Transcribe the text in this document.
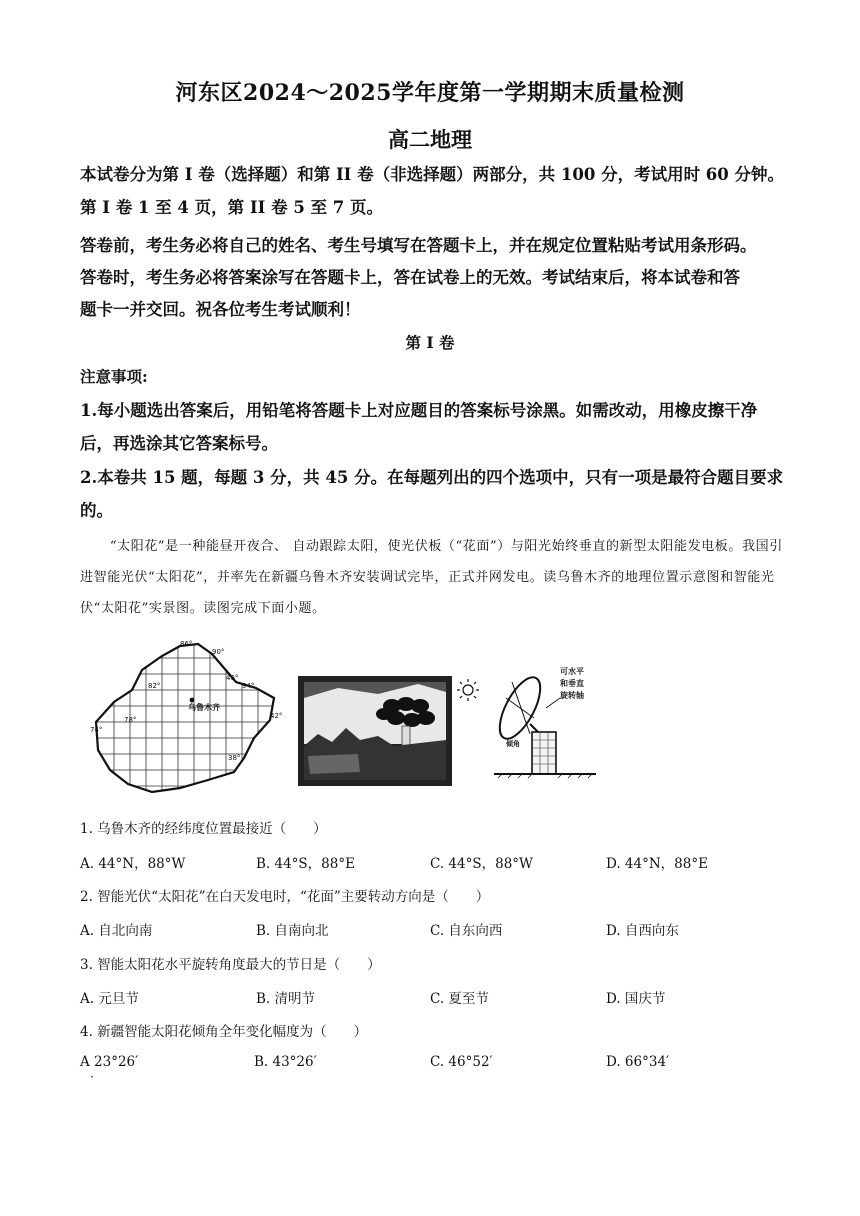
河东区2024～2025学年度第一学期期末质量检测
高二地理
本试卷分为第 I 卷（选择题）和第 II 卷（非选择题）两部分，共 100 分，考试用时 60 分钟。
第 I 卷 1 至 4 页，第 II 卷 5 至 7 页。
答卷前，考生务必将自己的姓名、考生号填写在答题卡上，并在规定位置粘贴考试用条形码。
答卷时，考生务必将答案涂写在答题卡上，答在试卷上的无效。考试结束后，将本试卷和答
题卡一并交回。祝各位考生考试顺利！
第 I 卷
注意事项:
1.每小题选出答案后，用铅笔将答题卡上对应题目的答案标号涂黑。如需改动，用橡皮擦干净
后，再选涂其它答案标号。
2.本卷共 15 题，每题 3 分，共 45 分。在每题列出的四个选项中，只有一项是最符合题目要求
的。

“太阳花”是一种能昼开夜合、 自动跟踪太阳，使光伏板（“花面”）与阳光始终垂直的新型太阳能发电板。我国引进智能光伏“太阳花”，并率先在新疆乌鲁木齐安装调试完毕，正式并网发电。读乌鲁木齐的地理位置示意图和智能光伏“太阳花”实景图。读图完成下面小题。

乌鲁木齐
86°
90°
82°
46°
94°
78°	42°
74°
38°
可水平
和垂直
旋转轴
倾角
1. 乌鲁木齐的经纬度位置最接近（　　）
A. 44°N，88°W	B. 44°S，88°E	C. 44°S，88°W	D. 44°N，88°E
2. 智能光伏“太阳花”在白天发电时，“花面”主要转动方向是（　　）
A. 自北向南	B. 自南向北	C. 自东向西	D. 自西向东
3. 智能太阳花水平旋转角度最大的节日是（　　）
A. 元旦节	B. 清明节	C. 夏至节	D. 国庆节
4. 新疆智能太阳花倾角全年变化幅度为（　　）
A 23°26′	B. 43°26′	C. 46°52′	D. 66°34′
·
